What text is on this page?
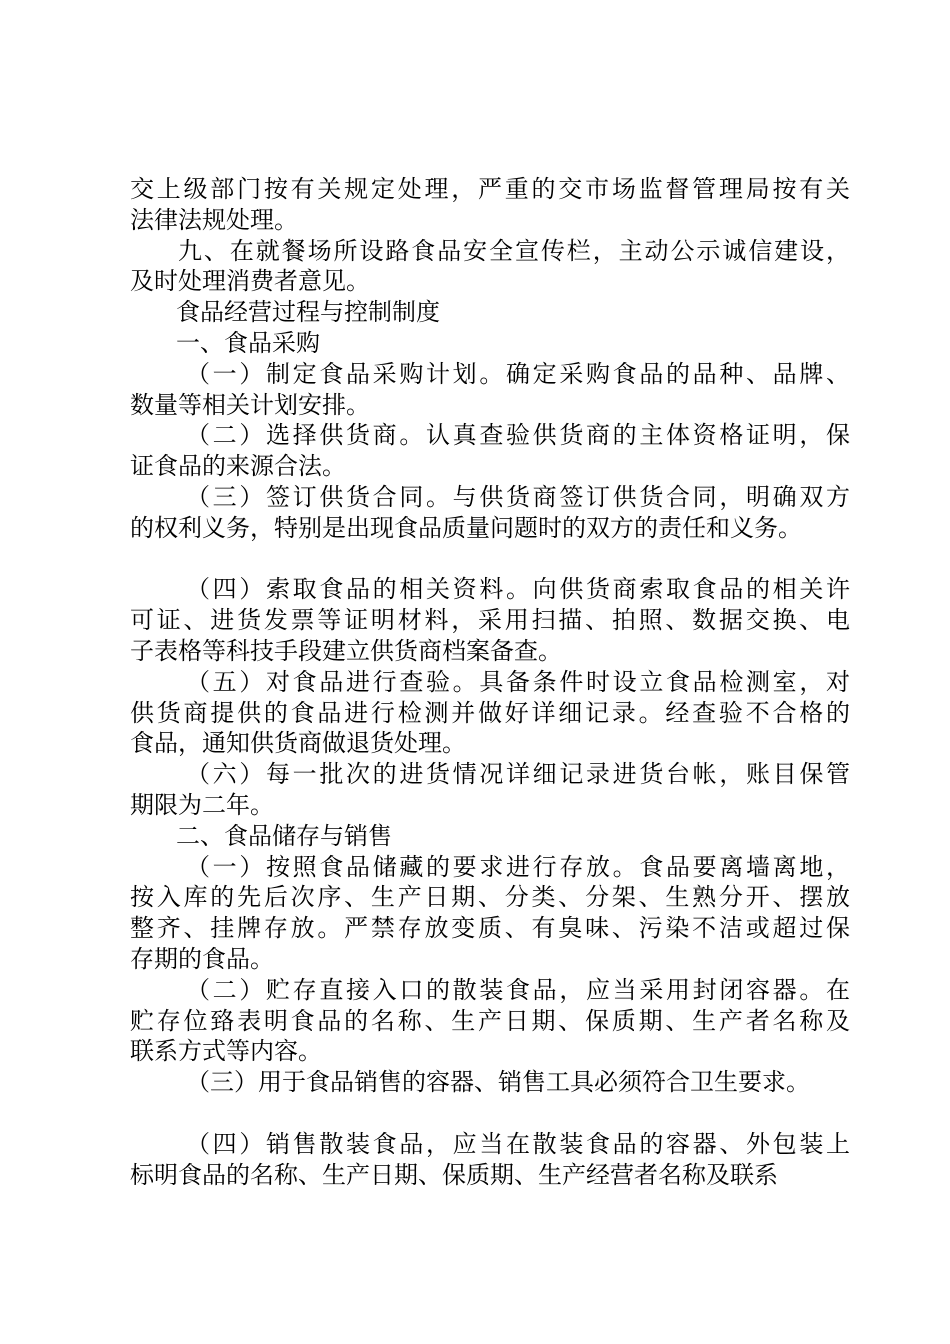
交上级部门按有关规定处理，严重的交市场监督管理局按有关
法律法规处理。
九、在就餐场所设路食品安全宣传栏，主动公示诚信建设，
及时处理消费者意见。
食品经营过程与控制制度
一、食品采购
（一）制定食品采购计划。确定采购食品的品种、品牌、
数量等相关计划安排。
（二）选择供货商。认真查验供货商的主体资格证明，保
证食品的来源合法。
（三）签订供货合同。与供货商签订供货合同，明确双方
的权利义务，特别是出现食品质量问题时的双方的责任和义务。
（四）索取食品的相关资料。向供货商索取食品的相关许
可证、进货发票等证明材料，采用扫描、拍照、数据交换、电
子表格等科技手段建立供货商档案备查。
（五）对食品进行查验。具备条件时设立食品检测室，对
供货商提供的食品进行检测并做好详细记录。经查验不合格的
食品，通知供货商做退货处理。
（六）每一批次的进货情况详细记录进货台帐，账目保管
期限为二年。
二、食品储存与销售
（一）按照食品储藏的要求进行存放。食品要离墙离地，
按入库的先后次序、生产日期、分类、分架、生熟分开、摆放
整齐、挂牌存放。严禁存放变质、有臭味、污染不洁或超过保
存期的食品。
（二）贮存直接入口的散装食品，应当采用封闭容器。在
贮存位臵表明食品的名称、生产日期、保质期、生产者名称及
联系方式等内容。
（三）用于食品销售的容器、销售工具必须符合卫生要求。
（四）销售散装食品，应当在散装食品的容器、外包装上
标明食品的名称、生产日期、保质期、生产经营者名称及联系
